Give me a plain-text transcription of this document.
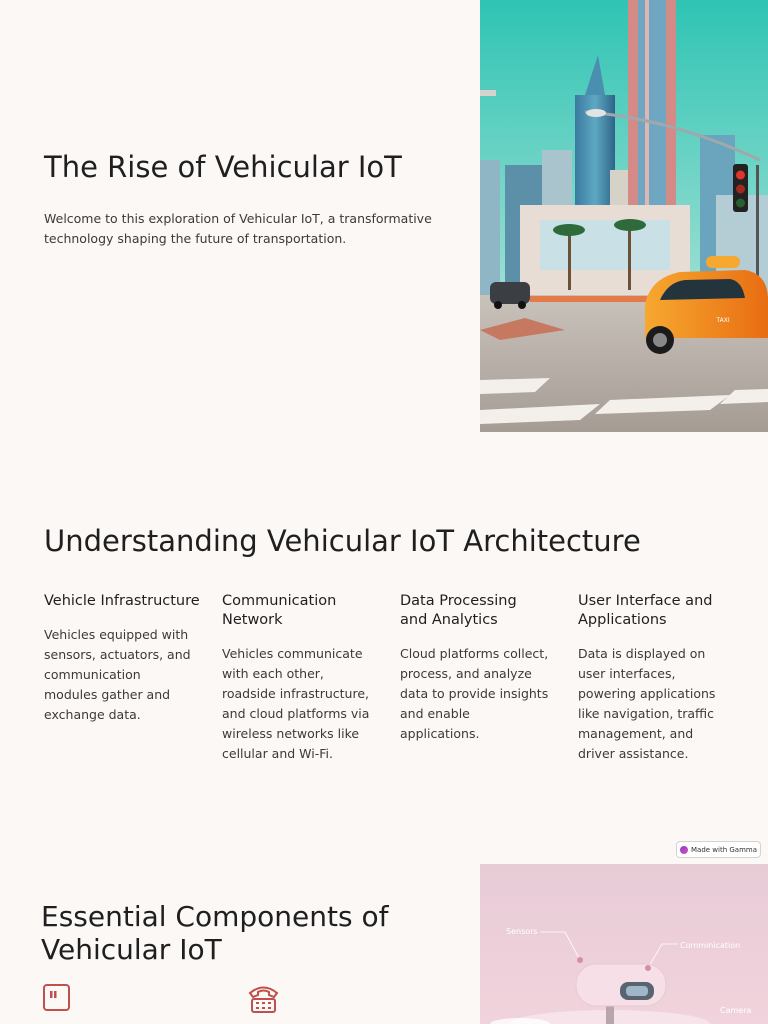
The Rise of Vehicular IoT

Welcome to this exploration of Vehicular IoT, a transformative technology shaping the future of transportation.

TAXI
Understanding Vehicular IoT Architecture
Vehicle Infrastructure

Vehicles equipped with sensors, actuators, and communication modules gather and exchange data.

Communication Network

Vehicles communicate with each other, roadside infrastructure, and cloud platforms via wireless networks like cellular and Wi-Fi.

Data Processing and Analytics

Cloud platforms collect, process, and analyze data to provide insights and enable applications.

User Interface and Applications

Data is displayed on user interfaces, powering applications like navigation, traffic management, and driver assistance.

Made with Gamma
Essential Components of Vehicular IoT
Sensors
Comminication
Camera
